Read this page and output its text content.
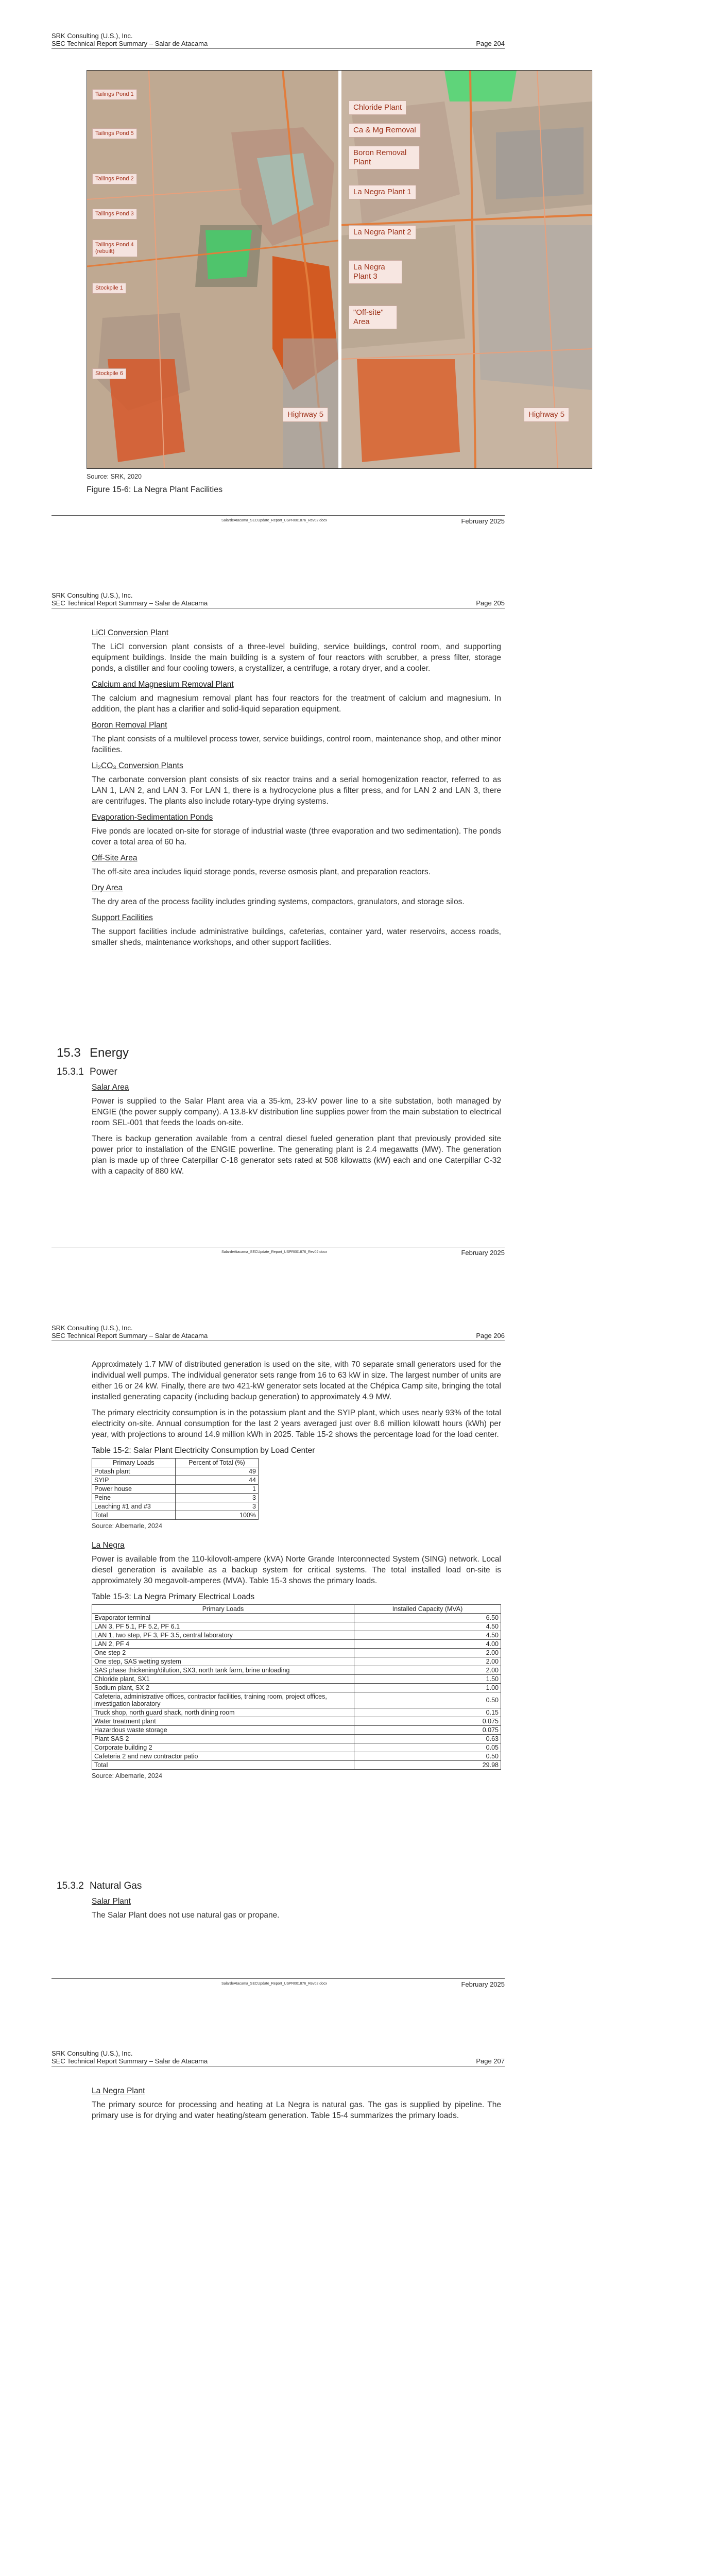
SRK Consulting (U.S.), Inc.
SEC Technical Report Summary – Salar de Atacama	Page 204
Tailings Pond 1
Tailings Pond 5
Tailings Pond 2
Tailings Pond 3
Tailings Pond 4 (rebuilt)
Stockpile 1
Stockpile 6
Highway 5
Chloride Plant
Ca & Mg Removal
Boron Removal Plant
La Negra Plant 1
La Negra Plant 2
La Negra Plant 3
"Off-site" Area
Highway 5
Source: SRK, 2020
Figure 15-6: La Negra Plant Facilities
SalardeAtacama_SECUpdate_Report_USPR001876_Rev02.docx	February 2025
SRK Consulting (U.S.), Inc.
SEC Technical Report Summary – Salar de Atacama	Page 205
LiCl Conversion Plant

The LiCl conversion plant consists of a three-level building, service buildings, control room, and supporting equipment buildings. Inside the main building is a system of four reactors with scrubber, a press filter, storage ponds, a distiller and four cooling towers, a crystallizer, a centrifuge, a rotary dryer, and a cooler.

Calcium and Magnesium Removal Plant

The calcium and magnesium removal plant has four reactors for the treatment of calcium and magnesium. In addition, the plant has a clarifier and solid-liquid separation equipment.

Boron Removal Plant

The plant consists of a multilevel process tower, service buildings, control room, maintenance shop, and other minor facilities.

Li₂CO₃ Conversion Plants

The carbonate conversion plant consists of six reactor trains and a serial homogenization reactor, referred to as LAN 1, LAN 2, and LAN 3. For LAN 1, there is a hydrocyclone plus a filter press, and for LAN 2 and LAN 3, there are centrifuges. The plants also include rotary-type drying systems.

Evaporation-Sedimentation Ponds

Five ponds are located on-site for storage of industrial waste (three evaporation and two sedimentation). The ponds cover a total area of 60 ha.

Off-Site Area

The off-site area includes liquid storage ponds, reverse osmosis plant, and preparation reactors.

Dry Area

The dry area of the process facility includes grinding systems, compactors, granulators, and storage silos.

Support Facilities

The support facilities include administrative buildings, cafeterias, container yard, water reservoirs, access roads, smaller sheds, maintenance workshops, and other support facilities.

15.3 Energy
15.3.1 Power
Salar Area

Power is supplied to the Salar Plant area via a 35-km, 23-kV power line to a site substation, both managed by ENGIE (the power supply company). A 13.8-kV distribution line supplies power from the main substation to electrical room SEL-001 that feeds the loads on-site.

There is backup generation available from a central diesel fueled generation plant that previously provided site power prior to installation of the ENGIE powerline. The generating plant is 2.4 megawatts (MW). The generation plan is made up of three Caterpillar C-18 generator sets rated at 508 kilowatts (kW) each and one Caterpillar C-32 with a capacity of 880 kW.

SalardeAtacama_SECUpdate_Report_USPR001876_Rev02.docx	February 2025
SRK Consulting (U.S.), Inc.
SEC Technical Report Summary – Salar de Atacama	Page 206

Approximately 1.7 MW of distributed generation is used on the site, with 70 separate small generators used for the individual well pumps. The individual generator sets range from 16 to 63 kW in size. The largest number of units are either 16 or 24 kW. Finally, there are two 421-kW generator sets located at the Chépica Camp site, bringing the total installed generating capacity (including backup generation) to approximately 4.9 MW.

The primary electricity consumption is in the potassium plant and the SYIP plant, which uses nearly 93% of the total electricity on-site. Annual consumption for the last 2 years averaged just over 8.6 million kilowatt hours (kWh) per year, with projections to around 14.9 million kWh in 2025. Table 15-2 shows the percentage load for the load center.

Table 15-2: Salar Plant Electricity Consumption by Load Center
Primary Loads	Percent of Total (%)
Potash plant	49
SYIP	44
Power house	1
Peine	3
Leaching #1 and #3	3
Total	100%
Source: Albemarle, 2024
La Negra

Power is available from the 110-kilovolt-ampere (kVA) Norte Grande Interconnected System (SING) network. Local diesel generation is available as a backup system for critical systems. The total installed load on-site is approximately 30 megavolt-amperes (MVA). Table 15-3 shows the primary loads.

Table 15-3: La Negra Primary Electrical Loads
Primary Loads	Installed Capacity (MVA)
Evaporator terminal	6.50
LAN 3, PF 5.1, PF 5.2, PF 6.1	4.50
LAN 1, two step, PF 3, PF 3.5, central laboratory	4.50
LAN 2, PF 4	4.00
One step 2	2.00
One step, SAS wetting system	2.00
SAS phase thickening/dilution, SX3, north tank farm, brine unloading	2.00
Chloride plant, SX1	1.50
Sodium plant, SX 2	1.00
Cafeteria, administrative offices, contractor facilities, training room, project offices, investigation laboratory	0.50
Truck shop, north guard shack, north dining room	0.15
Water treatment plant	0.075
Hazardous waste storage	0.075
Plant SAS 2	0.63
Corporate building 2	0.05
Cafeteria 2 and new contractor patio	0.50
Total	29.98
Source: Albemarle, 2024
15.3.2 Natural Gas
Salar Plant

The Salar Plant does not use natural gas or propane.

SalardeAtacama_SECUpdate_Report_USPR001876_Rev02.docx	February 2025
SRK Consulting (U.S.), Inc.
SEC Technical Report Summary – Salar de Atacama	Page 207
La Negra Plant

The primary source for processing and heating at La Negra is natural gas. The gas is supplied by pipeline. The primary use is for drying and water heating/steam generation. Table 15-4 summarizes the primary loads.
